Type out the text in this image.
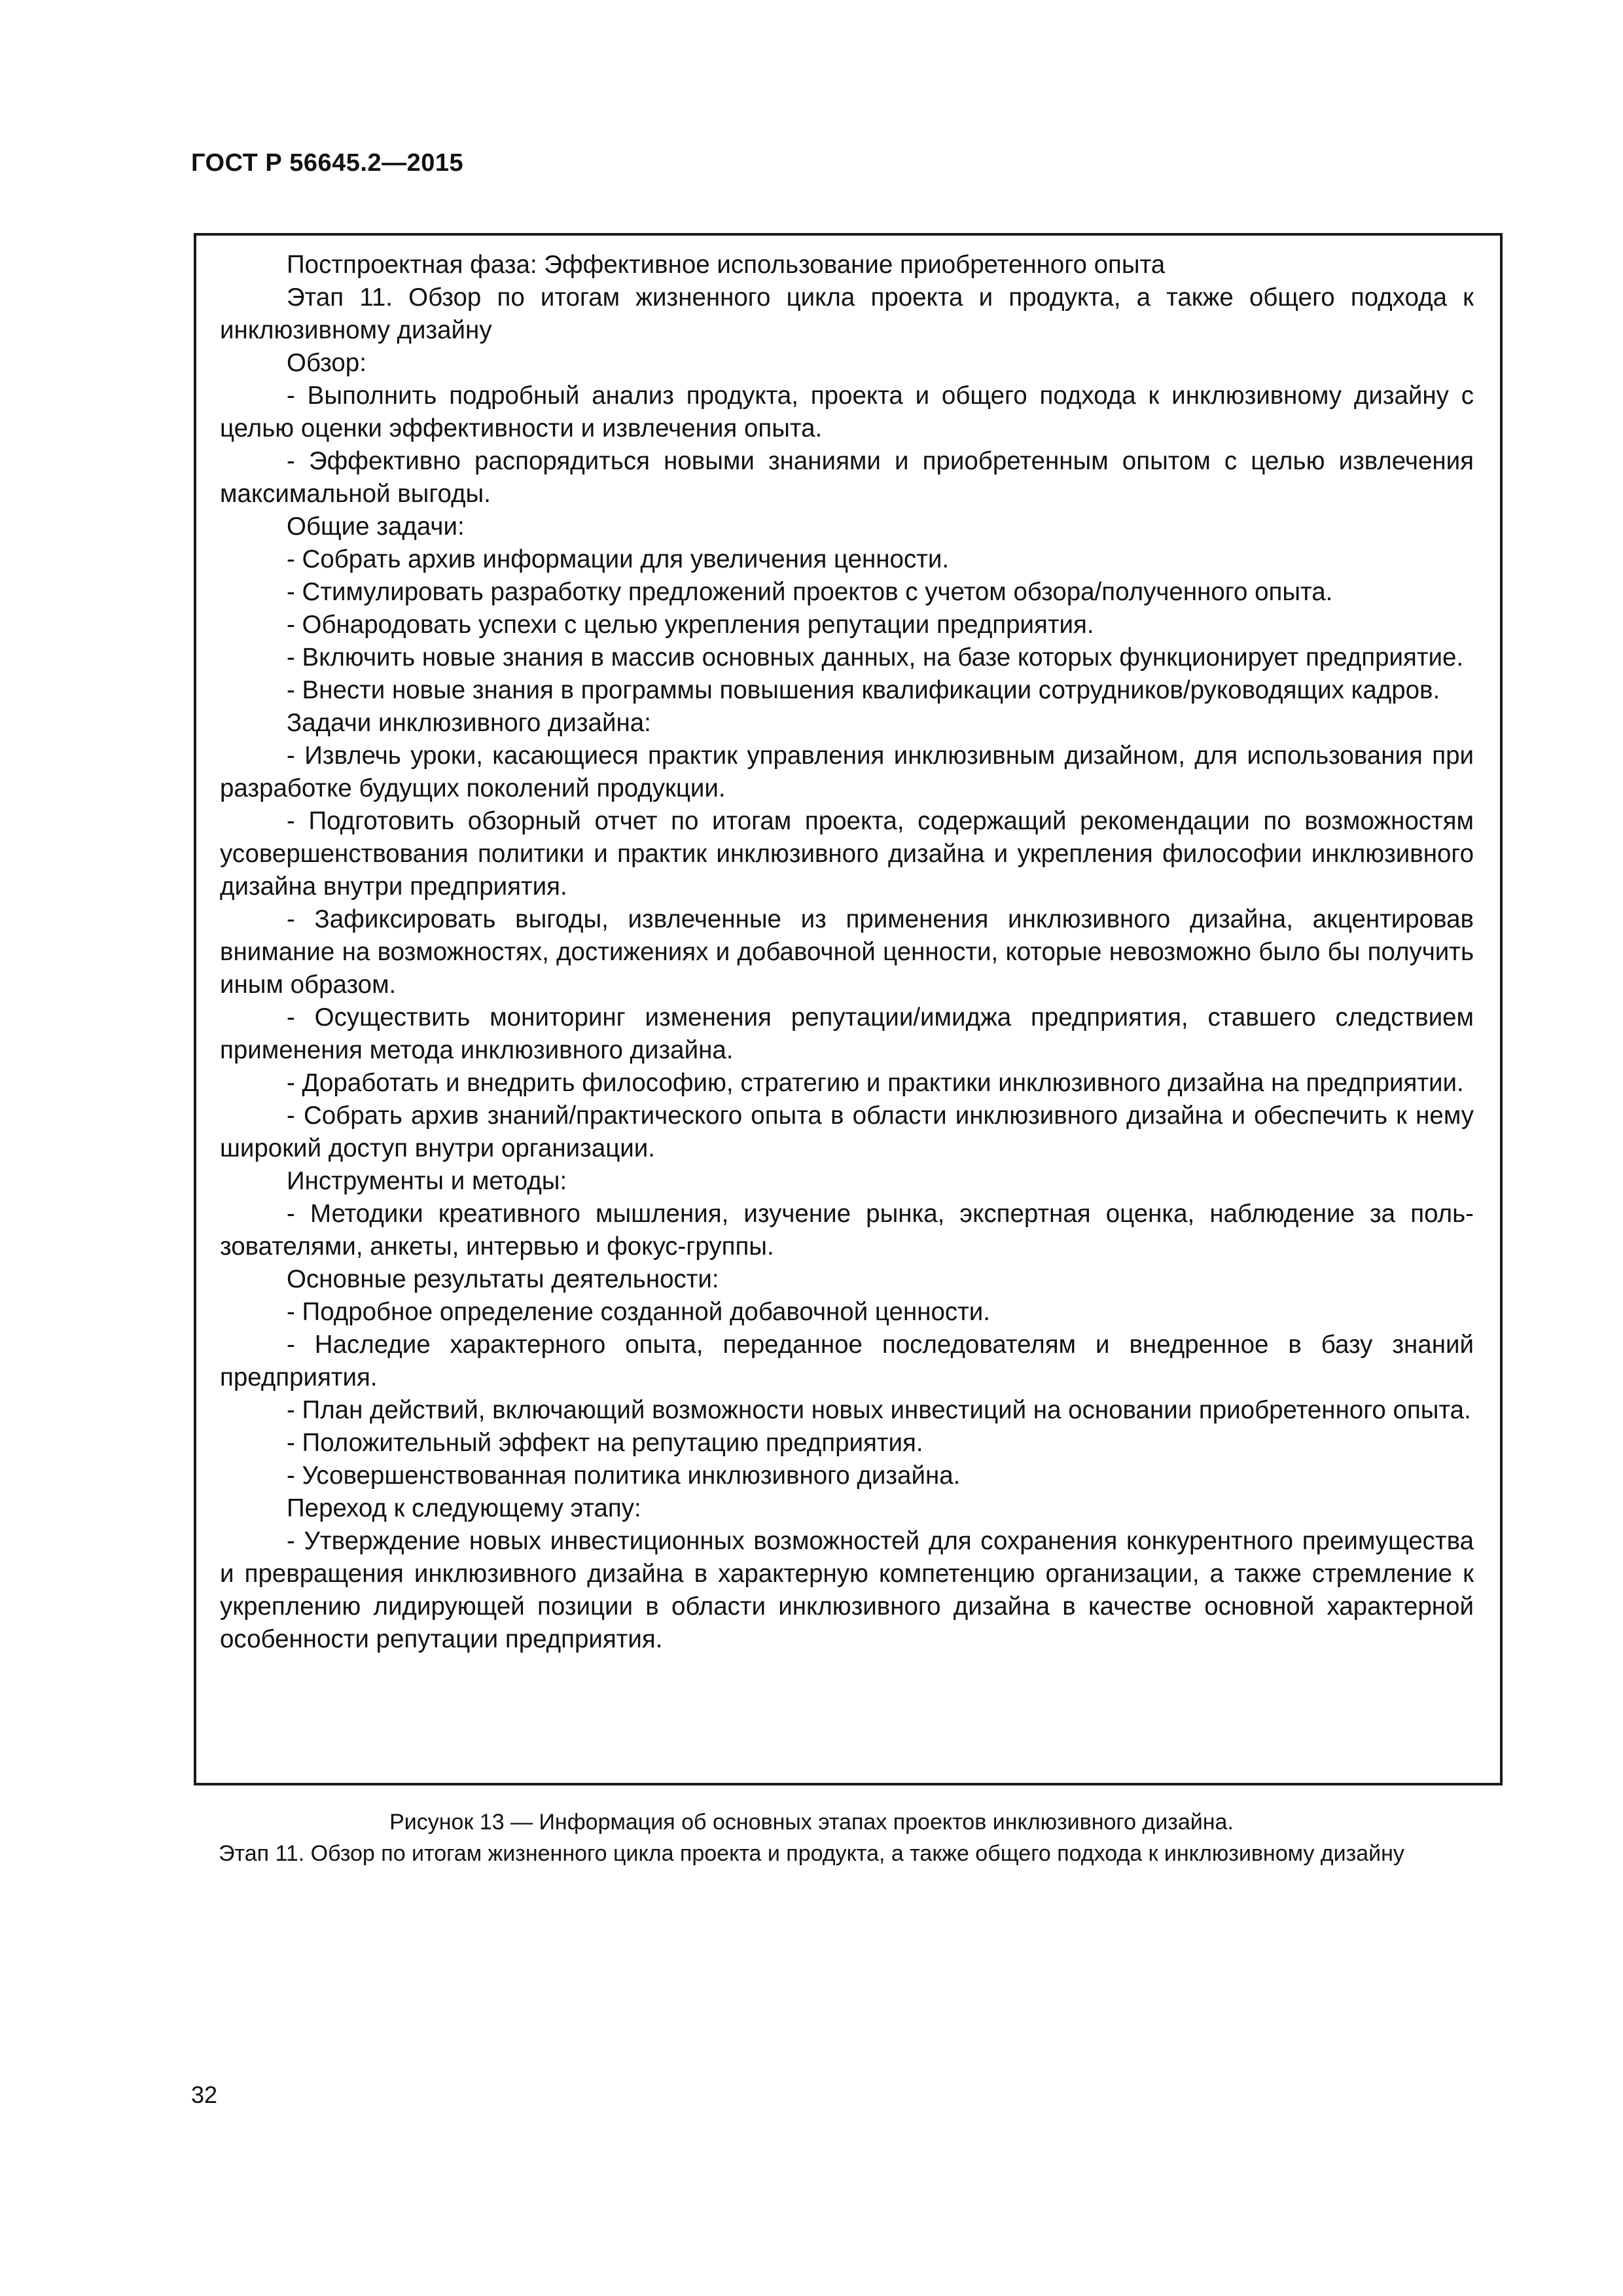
ГОСТ Р 56645.2—2015

Постпроектная фаза: Эффективное использование приобретенного опыта

Этап 11. Обзор по итогам жизненного цикла проекта и продукта, а также общего подхода к инклюзивному дизайну

Обзор:

- Выполнить подробный анализ продукта, проекта и общего подхода к инклюзивному дизайну с целью оценки эффективности и извлечения опыта.

- Эффективно распорядиться новыми знаниями и приобретенным опытом с целью извлечения максимальной выгоды.

Общие задачи:

- Собрать архив информации для увеличения ценности.

- Стимулировать разработку предложений проектов с учетом обзора/полученного опыта.

- Обнародовать успехи с целью укрепления репутации предприятия.

- Включить новые знания в массив основных данных, на базе которых функционирует предприятие.

- Внести новые знания в программы повышения квалификации сотрудников/руководящих кадров.

Задачи инклюзивного дизайна:

- Извлечь уроки, касающиеся практик управления инклюзивным дизайном, для использования при разработке будущих поколений продукции.

- Подготовить обзорный отчет по итогам проекта, содержащий рекомендации по возможностям усовершенствования политики и практик инклюзивного дизайна и укрепления философии инклюзивного дизайна внутри предприятия.

- Зафиксировать выгоды, извлеченные из применения инклюзивного дизайна, акцентировав внимание на возможностях, достижениях и добавочной ценности, которые невозможно было бы получить иным образом.

- Осуществить мониторинг изменения репутации/имиджа предприятия, ставшего следствием применения метода инклюзивного дизайна.

- Доработать и внедрить философию, стратегию и практики инклюзивного дизайна на предприятии.

- Собрать архив знаний/практического опыта в области инклюзивного дизайна и обеспечить к нему широкий доступ внутри организации.

Инструменты и методы:

- Методики креативного мышления, изучение рынка, экспертная оценка, наблюдение за пользователями, анкеты, интервью и фокус-группы.

Основные результаты деятельности:

- Подробное определение созданной добавочной ценности.

- Наследие характерного опыта, переданное последователям и внедренное в базу знаний предприятия.

- План действий, включающий возможности новых инвестиций на основании приобретенного опыта.

- Положительный эффект на репутацию предприятия.

- Усовершенствованная политика инклюзивного дизайна.

Переход к следующему этапу:

- Утверждение новых инвестиционных возможностей для сохранения конкурентного преимущества и превращения инклюзивного дизайна в характерную компетенцию организации, а также стремление к укреплению лидирующей позиции в области инклюзивного дизайна в качестве основной характерной особенности репутации предприятия.

Рисунок 13 — Информация об основных этапах проектов инклюзивного дизайна.
Этап 11. Обзор по итогам жизненного цикла проекта и продукта, а также общего подхода к инклюзивному дизайну
32
